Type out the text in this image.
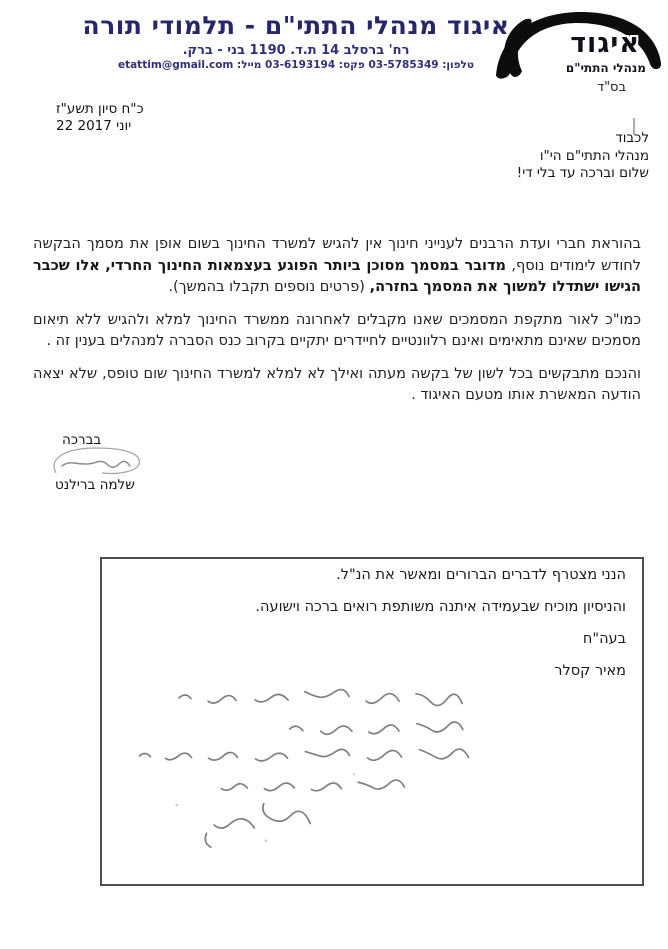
איגוד מנהלי התתי"ם - תלמודי תורה
רח' ברסלב 14 ת.ד. 1190 בני - ברק.
טלפון: 03-5785349 פקס: 03-6193194 מייל: etattim@gmail.com
איגוד
מנהלי התתי"ם
בס"ד
כ"ח סיון תשע"ז
22 יוני 2017
לכבוד
מנהלי התתי"ם הי"ו
שלום וברכה עד בלי די!

בהוראת חברי ועדת הרבנים לענייני חינוך אין להגיש למשרד החינוך בשום אופן את מסמך הבקשה לחודש לימודים נוסף, מדובר במסמך מסוכן ביותר הפוגע בעצמאות החינוך החרדי, אלו שכבר הגישו ישתדלו למשוך את המסמך בחזרה, (פרטים נוספים תקבלו בהמשך).

כמו"כ לאור מתקפת המסמכים שאנו מקבלים לאחרונה ממשרד החינוך למלא ולהגיש ללא תיאום מסמכים שאינם מתאימים ואינם רלוונטיים לחיידרים יתקיים בקרוב כנס הסברה למנהלים בענין זה .

והנכם מתבקשים בכל לשון של בקשה מעתה ואילך לא למלא למשרד החינוך שום טופס, שלא יצאה הודעה המאשרת אותו מטעם האיגוד .

בברכה
שלמה ברילנט

הנני מצטרף לדברים הברורים ומאשר את הנ"ל.

והניסיון מוכיח שבעמידה איתנה משותפת רואים ברכה וישועה.

בעה"ח

מאיר קסלר
